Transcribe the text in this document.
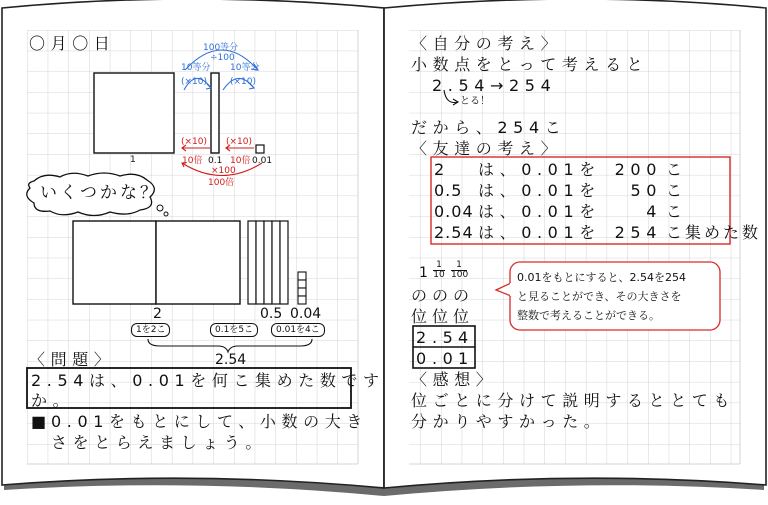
〇月〇日	100等分
÷100
10等分
(×10)
10等分
(×10)
1	0.1	0.01
(×10)
10倍
(×10)
10倍
×100
100倍
いくつかな？
2	0.5 0.04
1を2こ	0.1を5こ	0.01を4こ
2.54
〈問題〉
2.54は、0.01を何こ集めた数です
か。
■ 0.01をもとにして、小数の大き
さをとらえましょう。
〈自分の考え〉
小数点をとって考えると
2.54→254
とる！
だから、254こ
〈友達の考え〉
2 は、0.01を 200 こ
0.5 は、0.01を	50 こ
0.04 は、0.01を	4 こ
2.54 は、0.01を 254 こ集めた数
$1 \frac{1}{10} \frac{1}{100}$
の の の
位 位 位
2 .5 4
0 .0 1
0.01をもとにすると、2.54を254
と見ることができ、その大きさを
整数で考えることができる。
〈感想〉
位ごとに分けて説明するととても
分かりやすかった。
